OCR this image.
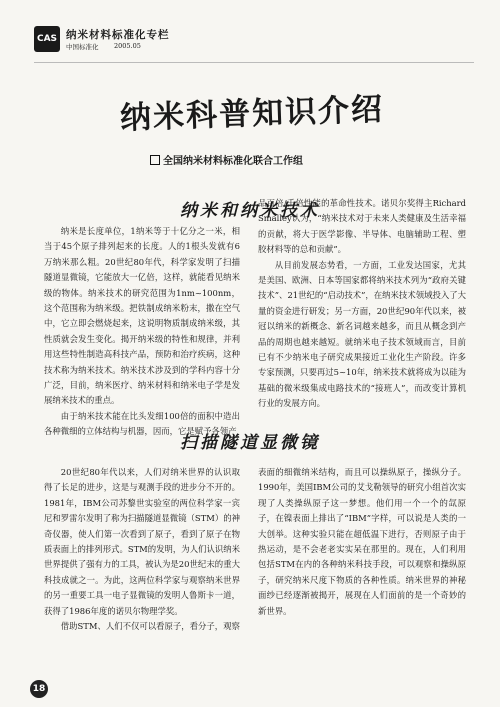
CAS 纳米材料标准化专栏
中国标准化 2005.05
纳米科普知识介绍
全国纳米材料标准化联合工作组
纳米和纳米技术

纳米是长度单位，1纳米等于十亿分之一米，相当于45个原子排列起来的长度。人的1根头发就有6万纳米那么粗。20世纪80年代，科学家发明了扫描隧道显微镜，它能放大一亿倍，这样，就能看见纳米级的物体。纳米技术的研究范围为1nm~100nm，这个范围称为纳米级。把铁制成纳米粉末，撒在空气中，它立即会燃烧起来，这说明物质制成纳米级，其性质就会发生变化。揭开纳米级的特性和规律，并利用这些特性制造高科技产品，预防和治疗疾病，这种技术称为纳米技术。纳米技术涉及到的学科内容十分广泛，目前，纳米医疗、纳米材料和纳米电子学是发展纳米技术的重点。

由于纳米技术能在比头发细100倍的面积中造出各种微细的立体结构与机器，因而，它是赋予各领产

品百倍/千倍性能的革命性技术。诺贝尔奖得主Richard Smalley认为，“纳米技术对于未来人类健康及生活幸福的贡献，将大于医学影像、半导体、电脑辅助工程、塑胶材料等的总和贡献”。

从目前发展态势看，一方面，工业发达国家，尤其是美国、欧洲、日本等国家都将纳米技术列为“政府关键技术”、21世纪的“启动技术”，在纳米技术领域投入了大量的资金进行研发；另一方面，20世纪90年代以来，被冠以纳米的新概念、新名词越来越多，而且从概念到产品的周期也越来越短。就纳米电子技术领域而言，目前已有不少纳米电子研究成果接近工业化生产阶段。许多专家预测，只要再过5~10年，纳米技术就将成为以硅为基础的微米级集成电路技术的“接班人”，而改变计算机行业的发展方向。

扫描隧道显微镜

20世纪80年代以来，人们对纳米世界的认识取得了长足的进步，这是与观测手段的进步分不开的。1981年，IBM公司苏黎世实验室的两位科学家一宾尼和罗雷尔发明了称为扫描隧道显微镜（STM）的神奇仪器，使人们第一次看到了原子，看到了原子在物质表面上的排列形式。STM的发明，为人们认识纳米世界提供了强有力的工具，被认为是20世纪末的重大科技成就之一。为此，这两位科学家与观察纳米世界的另一重要工具一电子显微镜的发明人鲁斯卡一道，获得了1986年度的诺贝尔物理学奖。

借助STM、人们不仅可以看原子，看分子，观察

表面的细微纳米结构，而且可以操纵原子，操纵分子。1990年，美国IBM公司的艾戈勒领导的研究小组首次实现了人类操纵原子这一梦想。他们用一个一个的氙原子，在镍表面上排出了“IBM”字样，可以说是人类的一大创举。这种实验只能在超低温下进行，否则原子由于热运动，是不会老老实实呆在那里的。现在，人们利用包括STM在内的各种纳米科技手段，可以观察和操纵原子，研究纳米尺度下物质的各种性质。纳米世界的神秘面纱已经逐渐被揭开，展现在人们面前的是一个奇妙的新世界。

18
